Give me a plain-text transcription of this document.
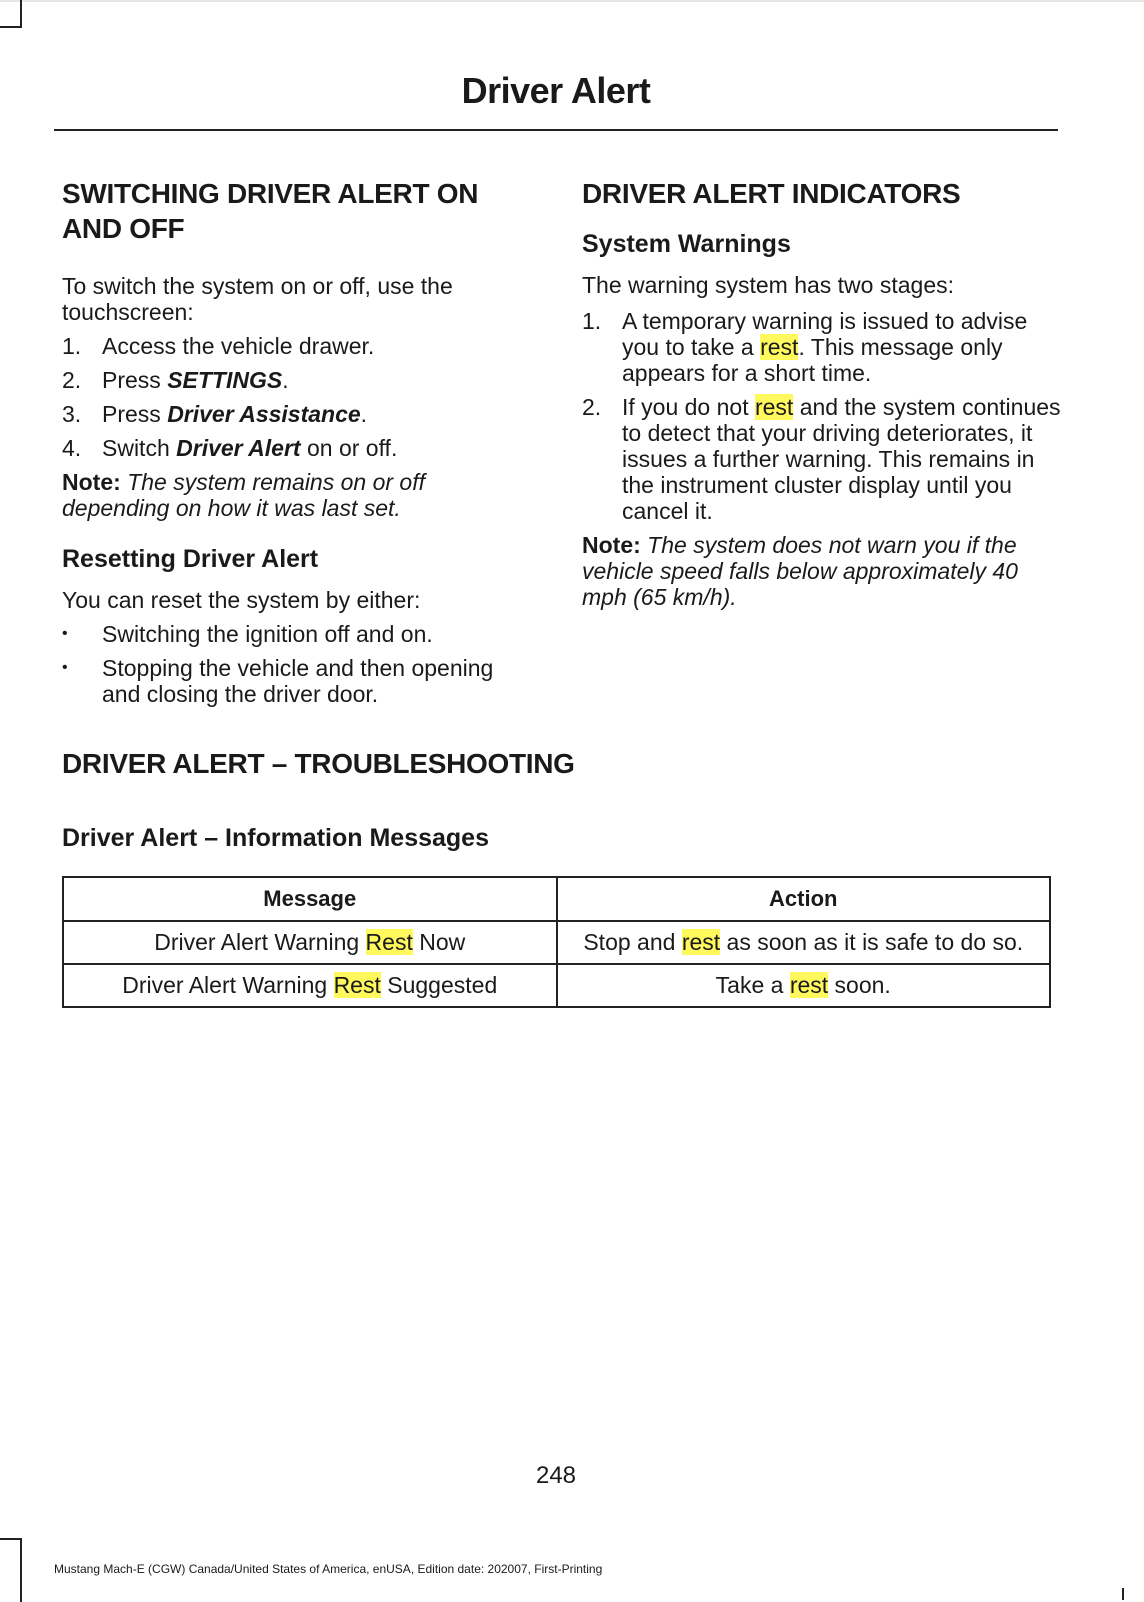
Driver Alert
SWITCHING DRIVER ALERT ON AND OFF

To switch the system on or off, use the touchscreen:

1. Access the vehicle drawer.
2. Press SETTINGS.
3. Press Driver Assistance.
4. Switch Driver Alert on or off.

Note: The system remains on or off depending on how it was last set.

Resetting Driver Alert

You can reset the system by either:

• Switching the ignition off and on.
• Stopping the vehicle and then opening and closing the driver door.
DRIVER ALERT INDICATORS
System Warnings

The warning system has two stages:

1. A temporary warning is issued to advise you to take a rest. This message only appears for a short time.
2. If you do not rest and the system continues to detect that your driving deteriorates, it issues a further warning. This remains in the instrument cluster display until you cancel it.

Note: The system does not warn you if the vehicle speed falls below approximately 40 mph (65 km/h).

DRIVER ALERT – TROUBLESHOOTING
Driver Alert – Information Messages
Message	Action
Driver Alert Warning Rest Now	Stop and rest as soon as it is safe to do so.
Driver Alert Warning Rest Suggested	Take a rest soon.
248
Mustang Mach-E (CGW) Canada/United States of America, enUSA, Edition date: 202007, First-Printing
